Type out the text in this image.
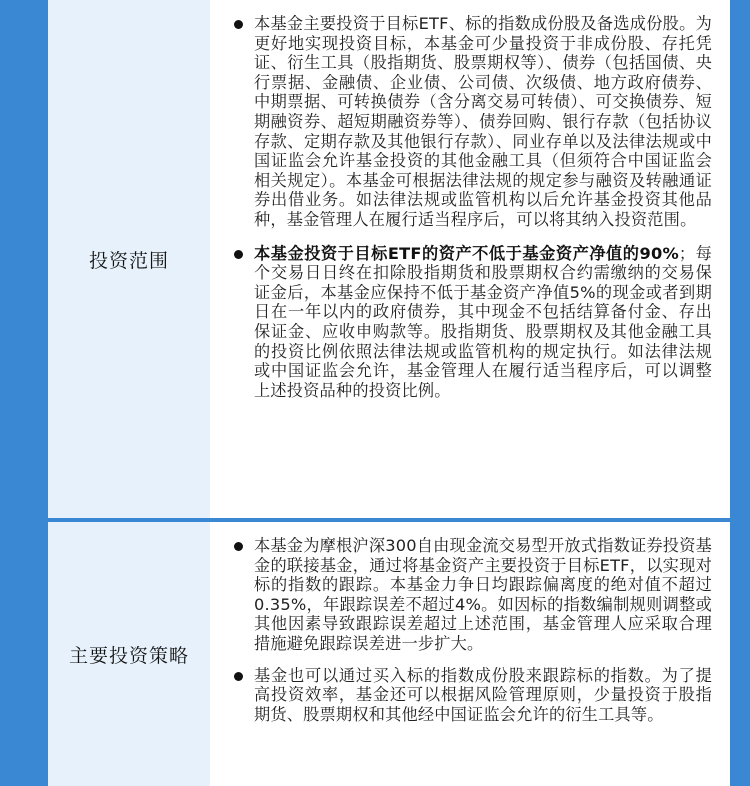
投资范围
本基金主要投资于目标ETF、标的指数成份股及备选成份股。为更好地实现投资目标，本基金可少量投资于非成份股、存托凭证、衍生工具（股指期货、股票期权等）、债券（包括国债、央行票据、金融债、企业债、公司债、次级债、地方政府债券、中期票据、可转换债券（含分离交易可转债）、可交换债券、短期融资券、超短期融资券等）、债券回购、银行存款（包括协议存款、定期存款及其他银行存款）、同业存单以及法律法规或中国证监会允许基金投资的其他金融工具（但须符合中国证监会相关规定）。本基金可根据法律法规的规定参与融资及转融通证券出借业务。如法律法规或监管机构以后允许基金投资其他品种，基金管理人在履行适当程序后，可以将其纳入投资范围。
本基金投资于目标ETF的资产不低于基金资产净值的90%；每个交易日日终在扣除股指期货和股票期权合约需缴纳的交易保证金后，本基金应保持不低于基金资产净值5%的现金或者到期日在一年以内的政府债券，其中现金不包括结算备付金、存出保证金、应收申购款等。股指期货、股票期权及其他金融工具的投资比例依照法律法规或监管机构的规定执行。如法律法规或中国证监会允许，基金管理人在履行适当程序后，可以调整上述投资品种的投资比例。
主要投资策略
本基金为摩根沪深300自由现金流交易型开放式指数证券投资基金的联接基金，通过将基金资产主要投资于目标ETF，以实现对标的指数的跟踪。本基金力争日均跟踪偏离度的绝对值不超过0.35%，年跟踪误差不超过4%。如因标的指数编制规则调整或其他因素导致跟踪误差超过上述范围，基金管理人应采取合理措施避免跟踪误差进一步扩大。
基金也可以通过买入标的指数成份股来跟踪标的指数。为了提高投资效率，基金还可以根据风险管理原则，少量投资于股指期货、股票期权和其他经中国证监会允许的衍生工具等。
